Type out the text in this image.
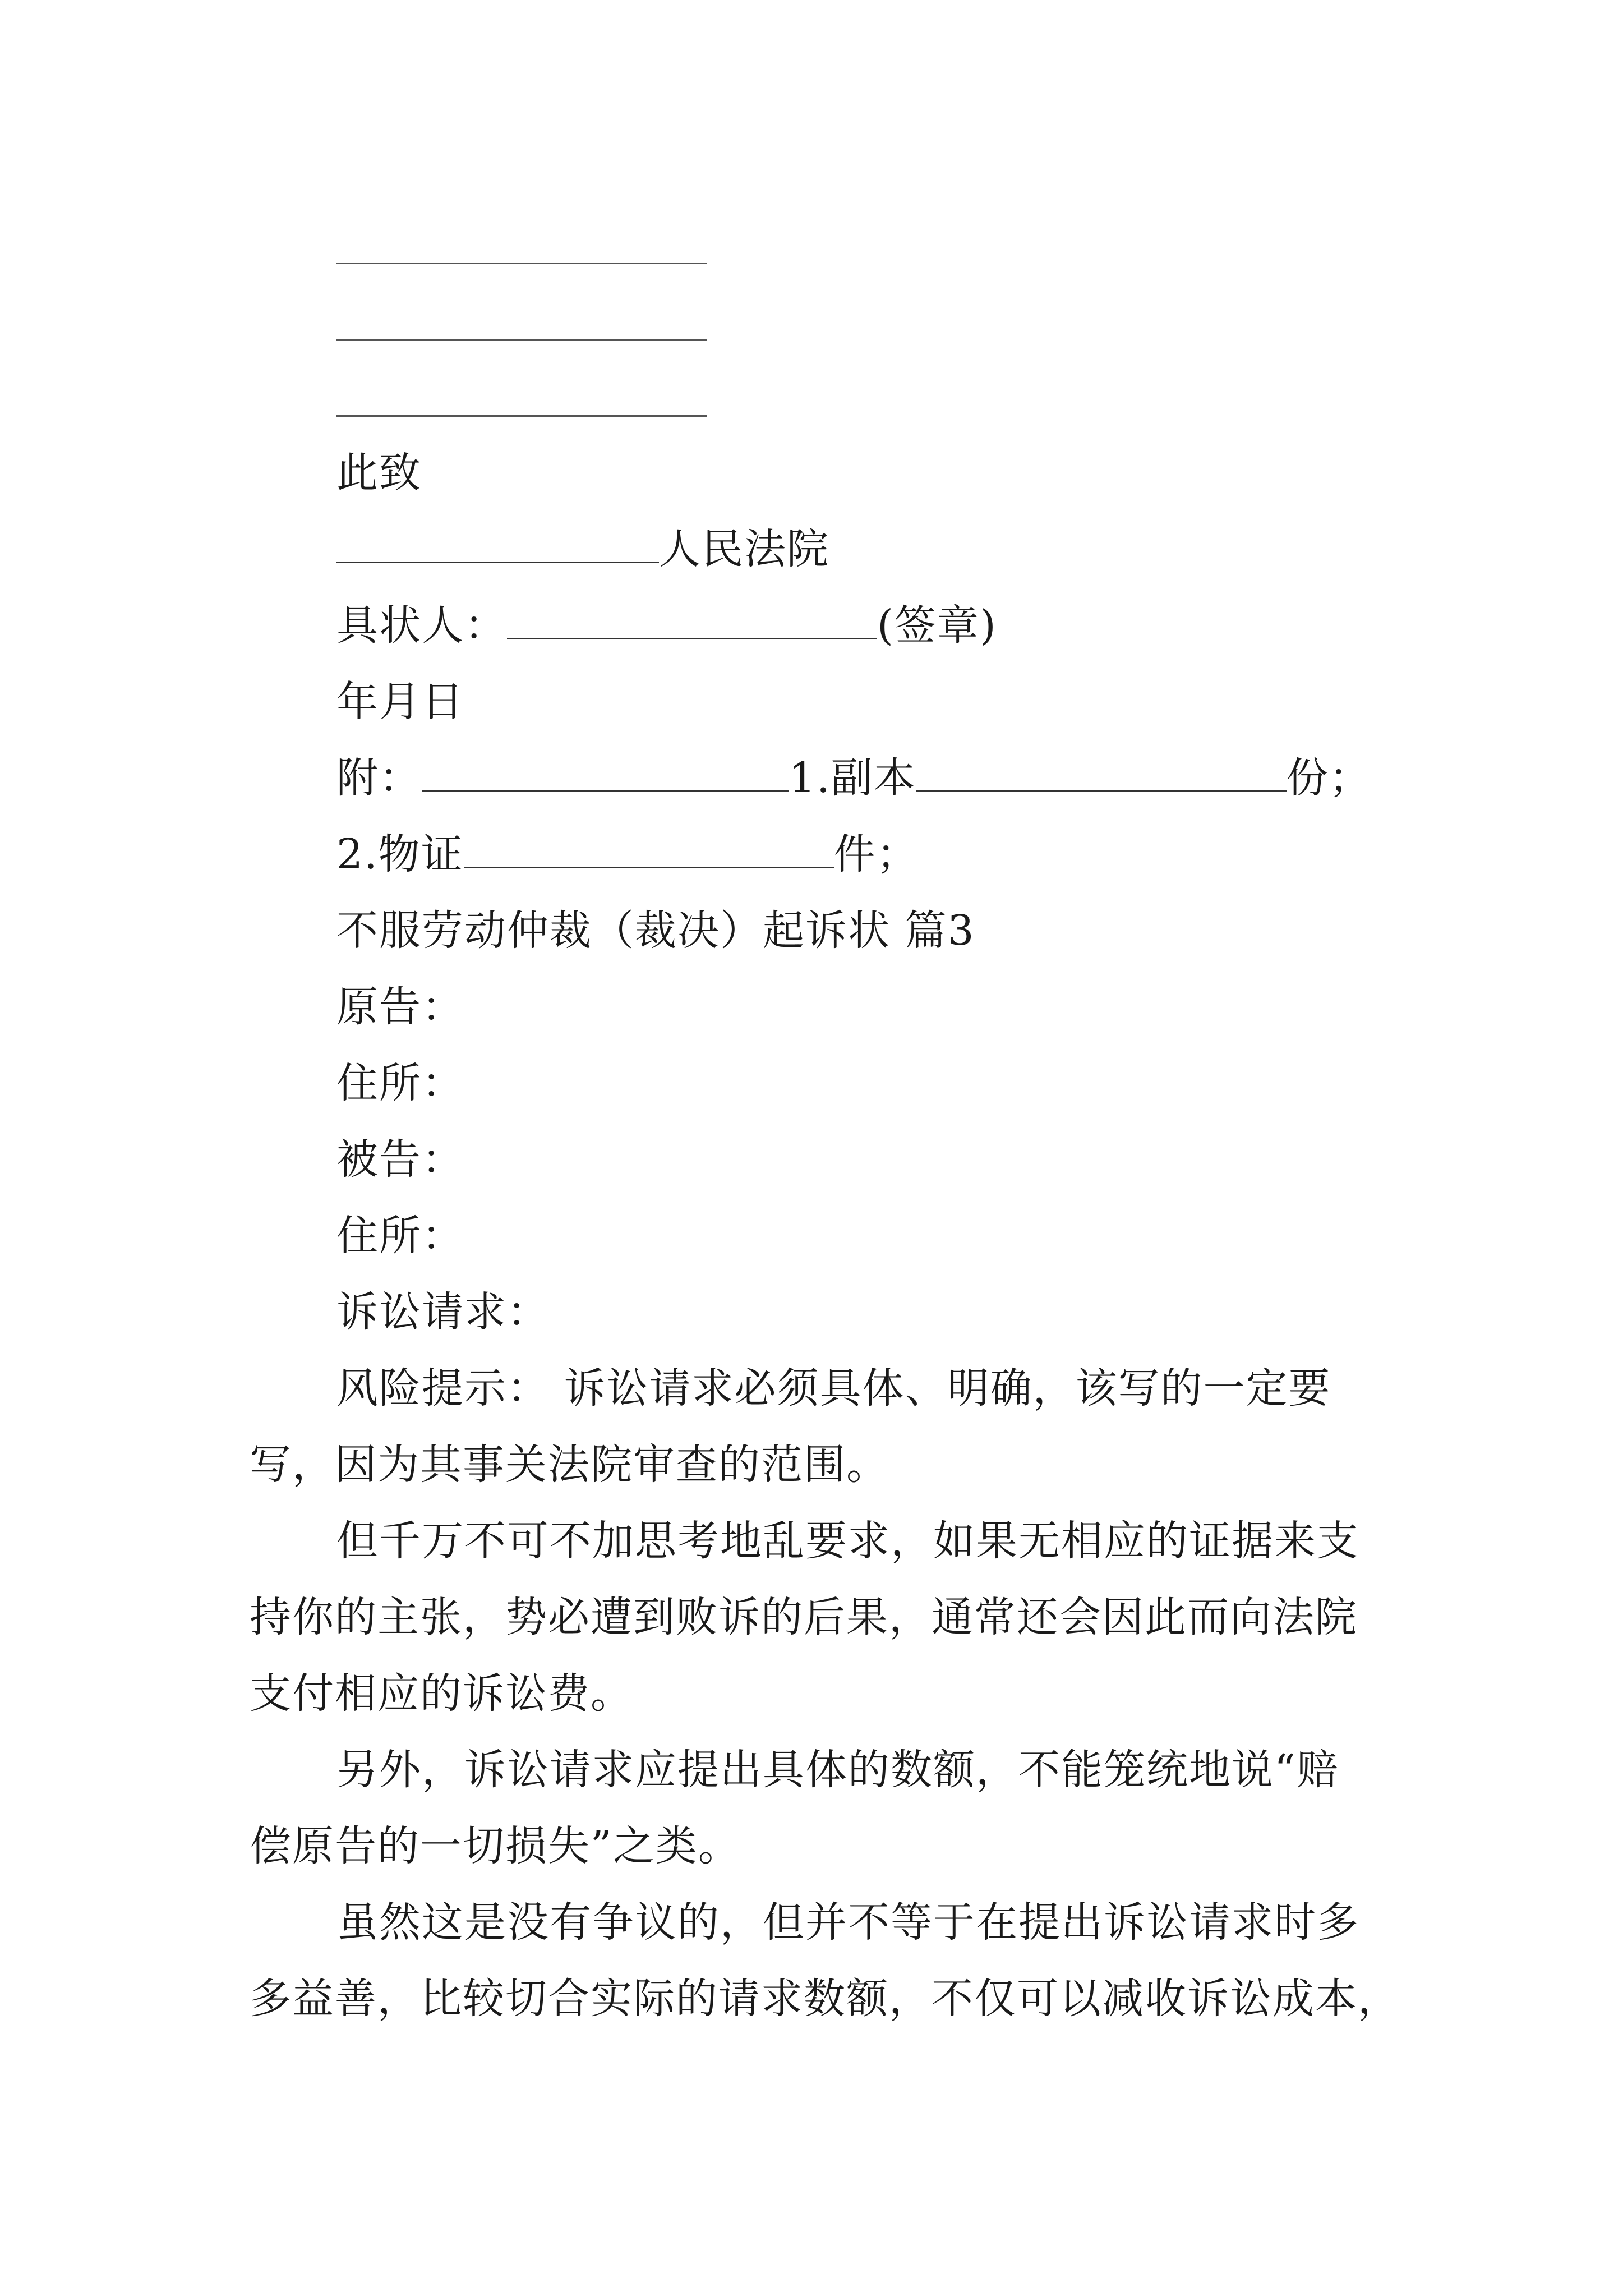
此致
人民法院
具状人：	(签章)
年月日
附：	1.副本	份；
2.物证	件；
不服劳动仲裁（裁决）起诉状 篇3
原告：
住所：
被告：
住所：
诉讼请求：
风险提示： 诉讼请求必须具体、明确，该写的一定要
写，因为其事关法院审查的范围。
但千万不可不加思考地乱要求，如果无相应的证据来支
持你的主张，势必遭到败诉的后果，通常还会因此而向法院
支付相应的诉讼费。
另外，诉讼请求应提出具体的数额，不能笼统地说“赔
偿原告的一切损失”之类。
虽然这是没有争议的，但并不等于在提出诉讼请求时多
多益善，比较切合实际的请求数额，不仅可以减收诉讼成本，
